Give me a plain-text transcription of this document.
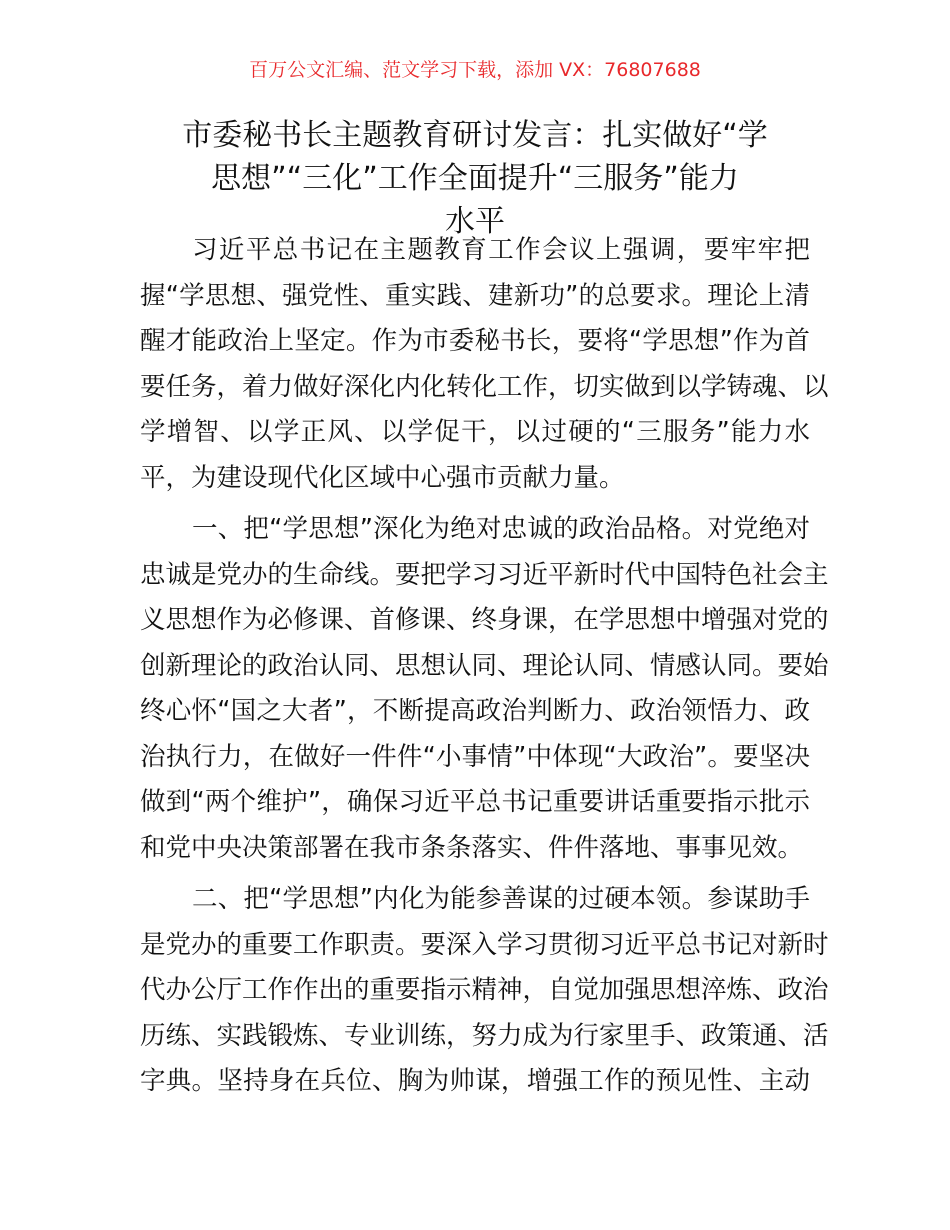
百万公文汇编、范文学习下载，添加 VX：76807688
市委秘书长主题教育研讨发言：扎实做好“学
思想”“三化”工作全面提升“三服务”能力
水平
习近平总书记在主题教育工作会议上强调，要牢牢把
握“学思想、强党性、重实践、建新功”的总要求。理论上清
醒才能政治上坚定。作为市委秘书长，要将“学思想”作为首
要任务，着力做好深化内化转化工作，切实做到以学铸魂、以
学增智、以学正风、以学促干，以过硬的“三服务”能力水
平，为建设现代化区域中心强市贡献力量。
一、把“学思想”深化为绝对忠诚的政治品格。对党绝对
忠诚是党办的生命线。要把学习习近平新时代中国特色社会主
义思想作为必修课、首修课、终身课，在学思想中增强对党的
创新理论的政治认同、思想认同、理论认同、情感认同。要始
终心怀“国之大者”，不断提高政治判断力、政治领悟力、政
治执行力，在做好一件件“小事情”中体现“大政治”。要坚决
做到“两个维护”，确保习近平总书记重要讲话重要指示批示
和党中央决策部署在我市条条落实、件件落地、事事见效。
二、把“学思想”内化为能参善谋的过硬本领。参谋助手
是党办的重要工作职责。要深入学习贯彻习近平总书记对新时
代办公厅工作作出的重要指示精神，自觉加强思想淬炼、政治
历练、实践锻炼、专业训练，努力成为行家里手、政策通、活
字典。坚持身在兵位、胸为帅谋，增强工作的预见性、主动
